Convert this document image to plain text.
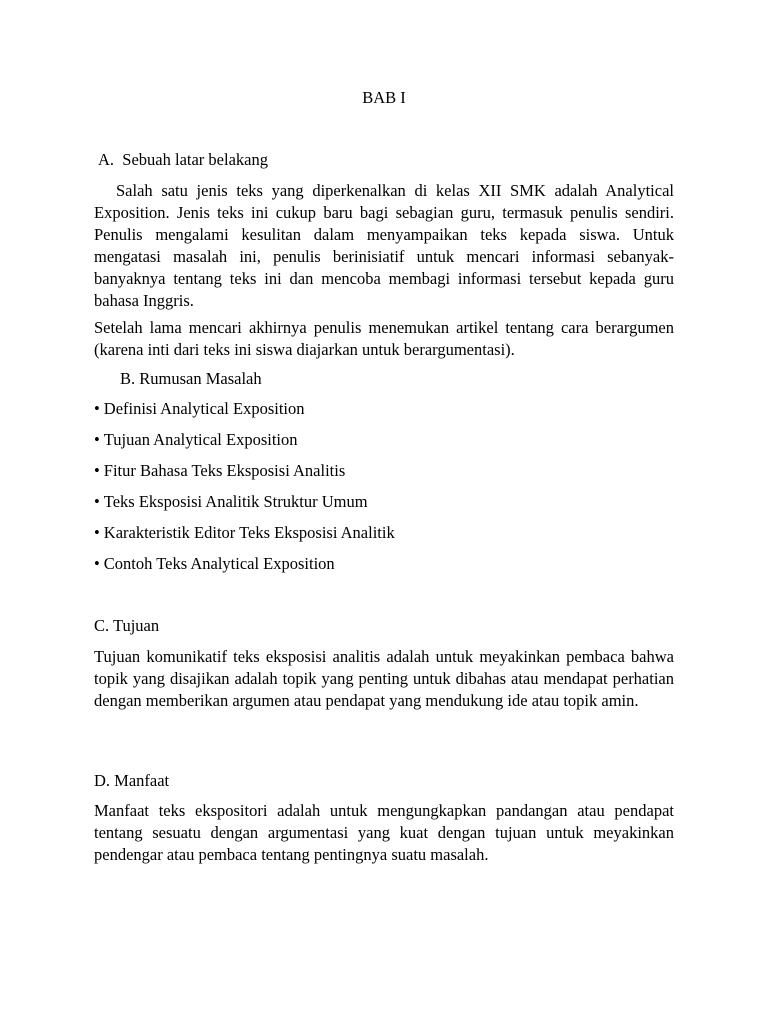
BAB I
A.  Sebuah latar belakang

Salah satu jenis teks yang diperkenalkan di kelas XII SMK adalah Analytical Exposition. Jenis teks ini cukup baru bagi sebagian guru, termasuk penulis sendiri. Penulis mengalami kesulitan dalam menyampaikan teks kepada siswa. Untuk mengatasi masalah ini, penulis berinisiatif untuk mencari informasi sebanyak-banyaknya tentang teks ini dan mencoba membagi informasi tersebut kepada guru bahasa Inggris.

Setelah lama mencari akhirnya penulis menemukan artikel tentang cara berargumen (karena inti dari teks ini siswa diajarkan untuk berargumentasi).

B. Rumusan Masalah
• Definisi Analytical Exposition
• Tujuan Analytical Exposition
• Fitur Bahasa Teks Eksposisi Analitis
• Teks Eksposisi Analitik Struktur Umum
• Karakteristik Editor Teks Eksposisi Analitik
• Contoh Teks Analytical Exposition
C. Tujuan

Tujuan komunikatif teks eksposisi analitis adalah untuk meyakinkan pembaca bahwa topik yang disajikan adalah topik yang penting untuk dibahas atau mendapat perhatian dengan memberikan argumen atau pendapat yang mendukung ide atau topik amin.

D. Manfaat

Manfaat teks ekspositori adalah untuk mengungkapkan pandangan atau pendapat tentang sesuatu dengan argumentasi yang kuat dengan tujuan untuk meyakinkan pendengar atau pembaca tentang pentingnya suatu masalah.
